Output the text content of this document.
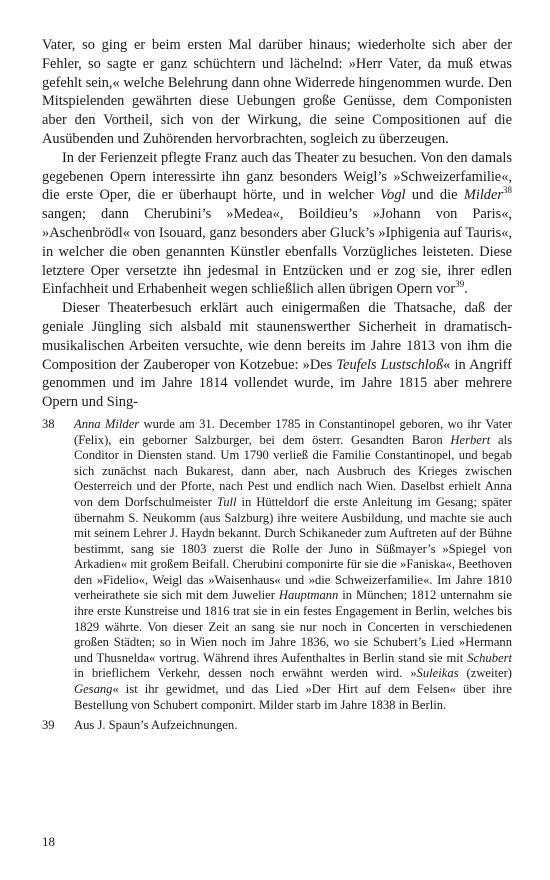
Vater, so ging er beim ersten Mal darüber hinaus; wiederholte sich aber der Fehler, so sagte er ganz schüchtern und lächelnd: »Herr Vater, da muß etwas gefehlt sein,« welche Belehrung dann ohne Widerrede hingenommen wurde. Den Mitspielenden gewährten diese Uebungen große Genüsse, dem Componisten aber den Vortheil, sich von der Wirkung, die seine Compositionen auf die Ausübenden und Zuhörenden hervorbrachten, sogleich zu überzeugen.

In der Ferienzeit pflegte Franz auch das Theater zu besuchen. Von den damals gegebenen Opern interessirte ihn ganz besonders Weigl’s »Schweizerfamilie«, die erste Oper, die er überhaupt hörte, und in welcher Vogl und die Milder$^{38}$ sangen; dann Cherubini’s »Medea«, Boildieu’s »Johann von Paris«, »Aschenbrödl« von Isouard, ganz besonders aber Gluck’s »Iphigenia auf Tauris«, in welcher die oben genannten Künstler ebenfalls Vorzügliches leisteten. Diese letztere Oper versetzte ihn jedesmal in Entzücken und er zog sie, ihrer edlen Einfachheit und Erhabenheit wegen schließlich allen übrigen Opern vor$^{39}$.

Dieser Theaterbesuch erklärt auch einigermaßen die Thatsache, daß der geniale Jüngling sich alsbald mit staunenswerther Sicherheit in dramatisch-musikalischen Arbeiten versuchte, wie denn bereits im Jahre 1813 von ihm die Composition der Zauberoper von Kotzebue: »Des Teufels Lustschloß« in Angriff genommen und im Jahre 1814 vollendet wurde, im Jahre 1815 aber mehrere Opern und Sing-

38	Anna Milder wurde am 31. December 1785 in Constantinopel geboren, wo ihr Vater (Felix), ein geborner Salzburger, bei dem österr. Gesandten Baron Herbert als Conditor in Diensten stand. Um 1790 verließ die Familie Constantinopel, und begab sich zunächst nach Bukarest, dann aber, nach Ausbruch des Krieges zwischen Oesterreich und der Pforte, nach Pest und endlich nach Wien. Daselbst erhielt Anna von dem Dorfschulmeister Tull in Hütteldorf die erste Anleitung im Gesang; später übernahm S. Neukomm (aus Salzburg) ihre weitere Ausbildung, und machte sie auch mit seinem Lehrer J. Haydn bekannt. Durch Schikaneder zum Auftreten auf der Bühne bestimmt, sang sie 1803 zuerst die Rolle der Juno in Süßmayer’s »Spiegel von Arkadien« mit großem Beifall. Cherubini componirte für sie die »Faniska«, Beethoven den »Fidelio«, Weigl das »Waisenhaus« und »die Schweizerfamilie«. Im Jahre 1810 verheirathete sie sich mit dem Juwelier Hauptmann in München; 1812 unternahm sie ihre erste Kunstreise und 1816 trat sie in ein festes Engagement in Berlin, welches bis 1829 währte. Von dieser Zeit an sang sie nur noch in Concerten in verschiedenen großen Städten; so in Wien noch im Jahre 1836, wo sie Schubert’s Lied »Hermann und Thusnelda« vortrug. Während ihres Aufenthaltes in Berlin stand sie mit Schubert in brieflichem Verkehr, dessen noch erwähnt werden wird. »Suleikas (zweiter) Gesang« ist ihr gewidmet, und das Lied »Der Hirt auf dem Felsen« über ihre Bestellung von Schubert componirt. Milder starb im Jahre 1838 in Berlin.
39	Aus J. Spaun’s Aufzeichnungen.
18
